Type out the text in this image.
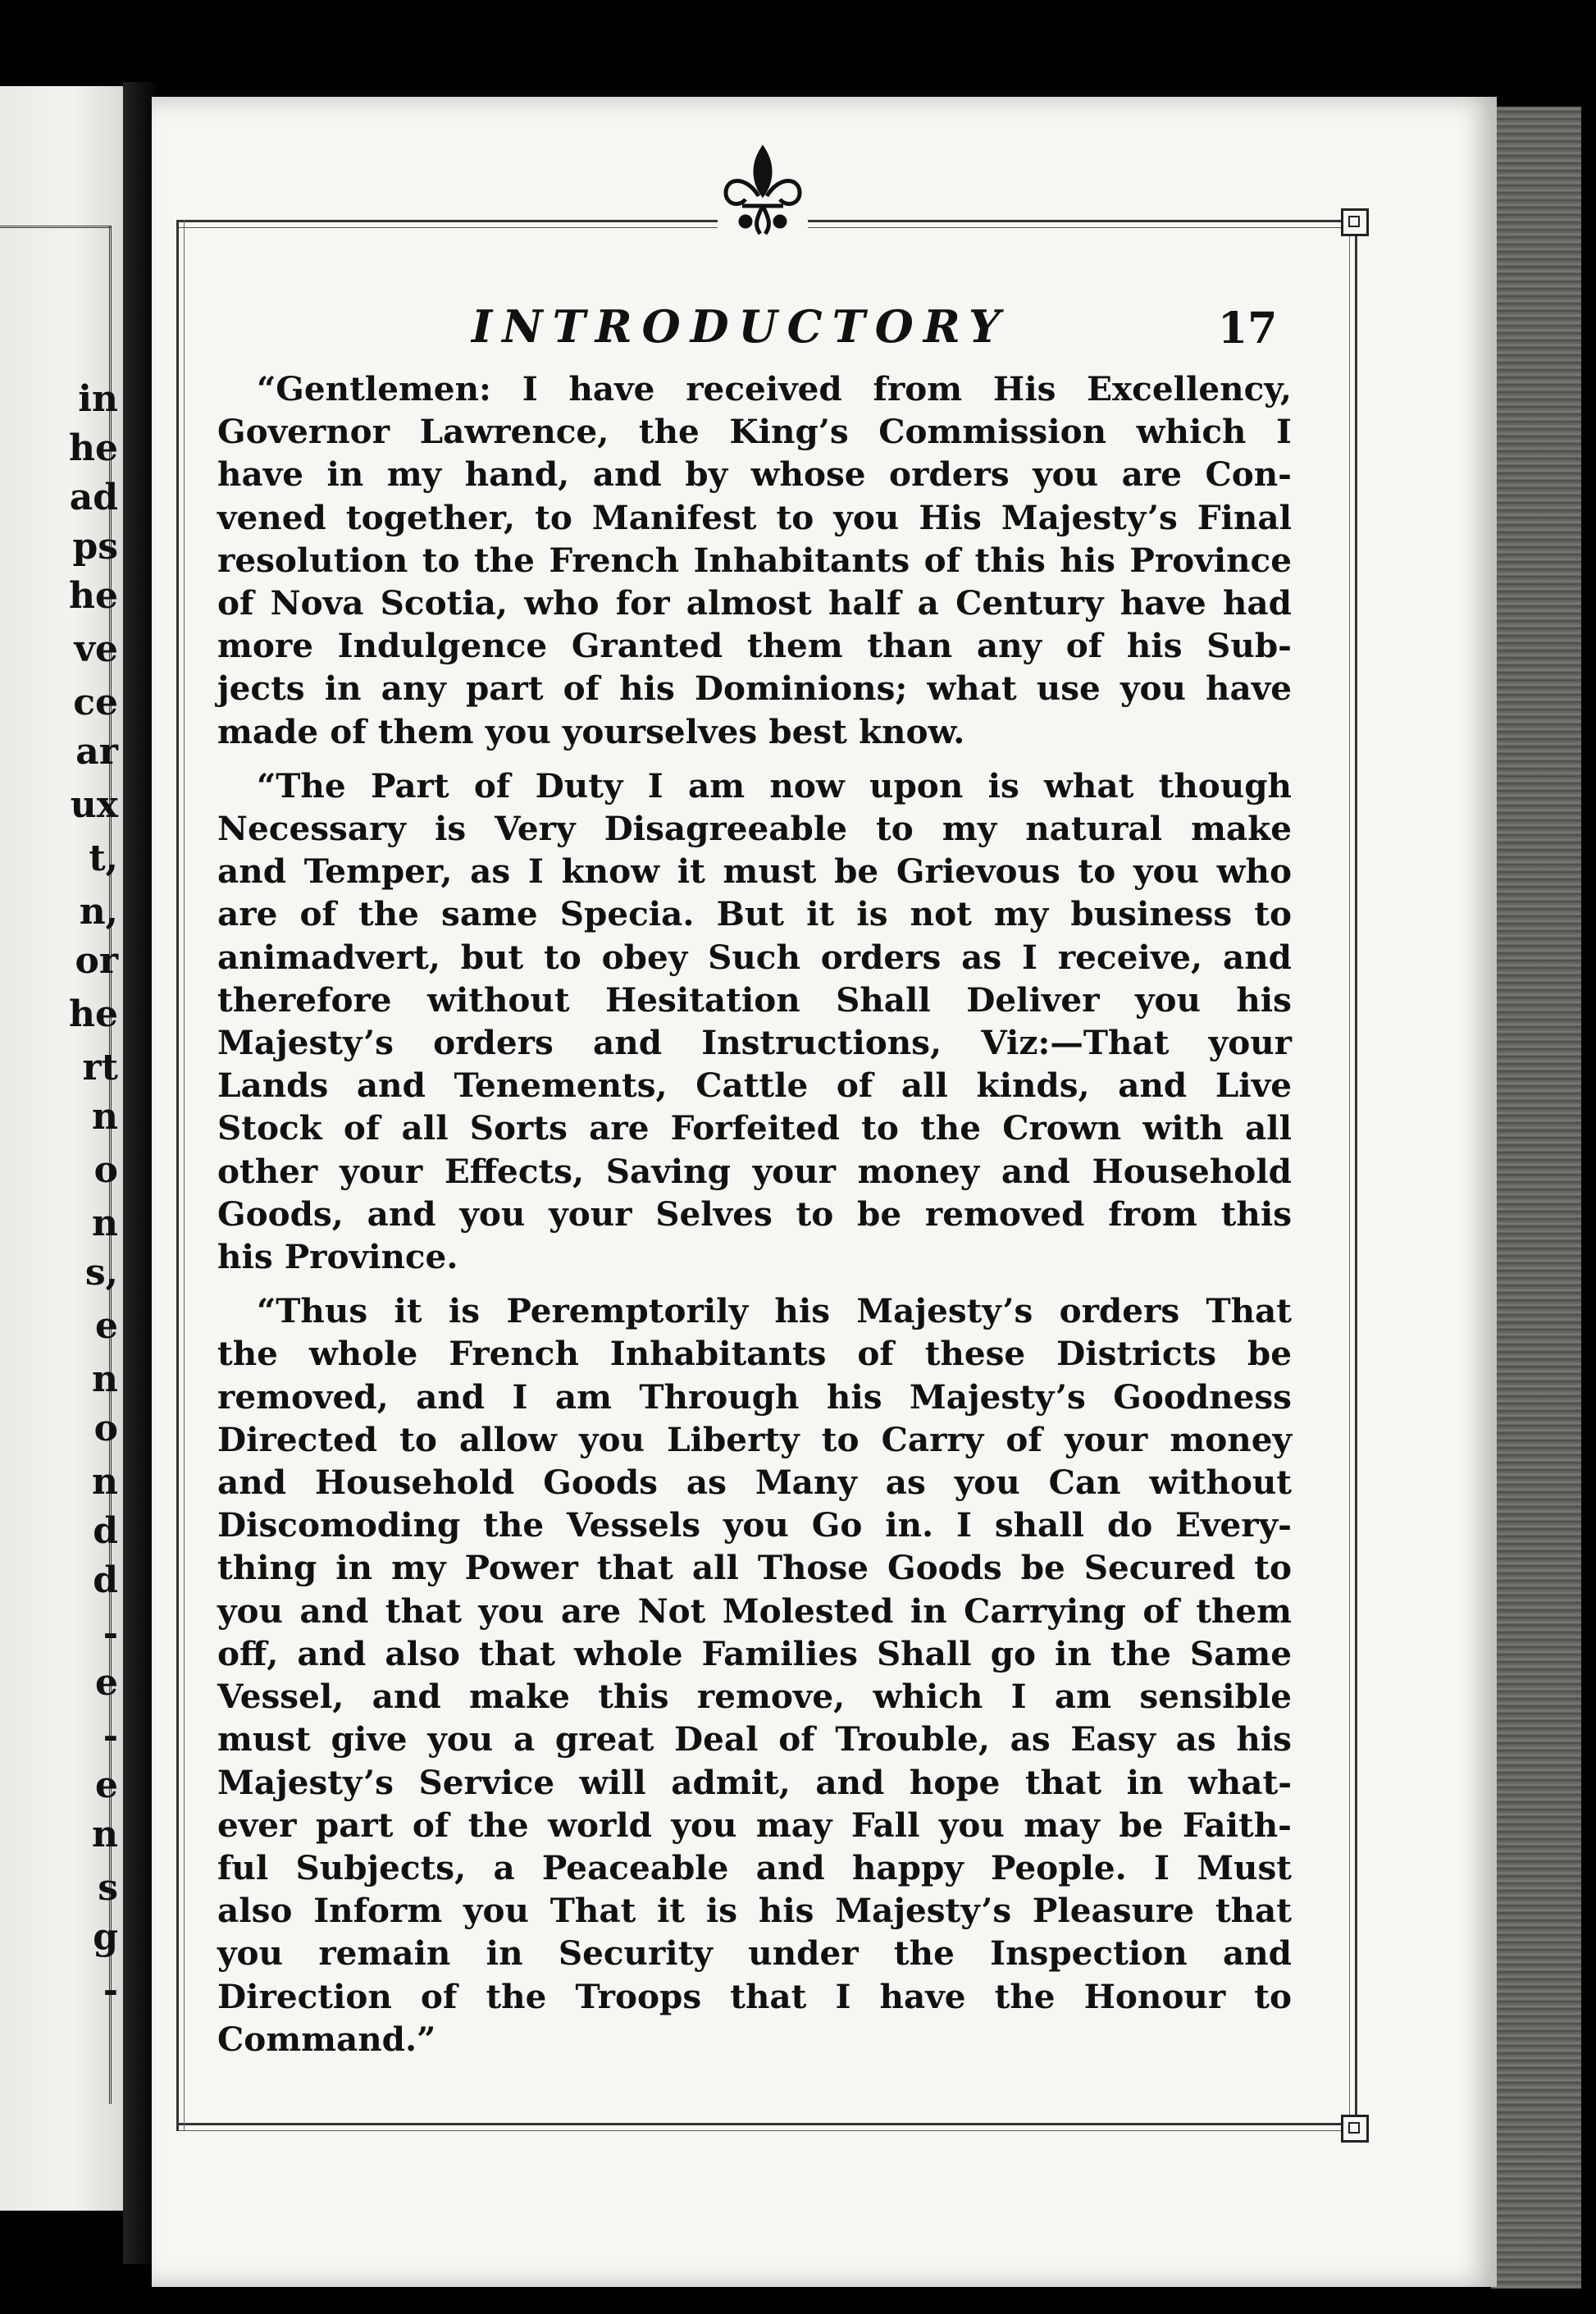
in
he
ad
ps
he
ve
ce
ar
ux
t,
n,
or
he
rt
n
o
n
s,
e
n
o
n
d
d
-
e
-
e
n
s
g
-
INTRODUCTORY	17
“Gentlemen: I have received from His Excellency,
Governor Lawrence, the King’s Commission which I
have in my hand, and by whose orders you are Con-
vened together, to Manifest to you His Majesty’s Final
resolution to the French Inhabitants of this his Province
of Nova Scotia, who for almost half a Century have had
more Indulgence Granted them than any of his Sub-
jects in any part of his Dominions; what use you have
made of them you yourselves best know.
“The Part of Duty I am now upon is what though
Necessary is Very Disagreeable to my natural make
and Temper, as I know it must be Grievous to you who
are of the same Specia. But it is not my business to
animadvert, but to obey Such orders as I receive, and
therefore without Hesitation Shall Deliver you his
Majesty’s orders and Instructions, Viz:—That your
Lands and Tenements, Cattle of all kinds, and Live
Stock of all Sorts are Forfeited to the Crown with all
other your Effects, Saving your money and Household
Goods, and you your Selves to be removed from this
his Province.
“Thus it is Peremptorily his Majesty’s orders That
the whole French Inhabitants of these Districts be
removed, and I am Through his Majesty’s Goodness
Directed to allow you Liberty to Carry of your money
and Household Goods as Many as you Can without
Discomoding the Vessels you Go in. I shall do Every-
thing in my Power that all Those Goods be Secured to
you and that you are Not Molested in Carrying of them
off, and also that whole Families Shall go in the Same
Vessel, and make this remove, which I am sensible
must give you a great Deal of Trouble, as Easy as his
Majesty’s Service will admit, and hope that in what-
ever part of the world you may Fall you may be Faith-
ful Subjects, a Peaceable and happy People. I Must
also Inform you That it is his Majesty’s Pleasure that
you remain in Security under the Inspection and
Direction of the Troops that I have the Honour to
Command.”
